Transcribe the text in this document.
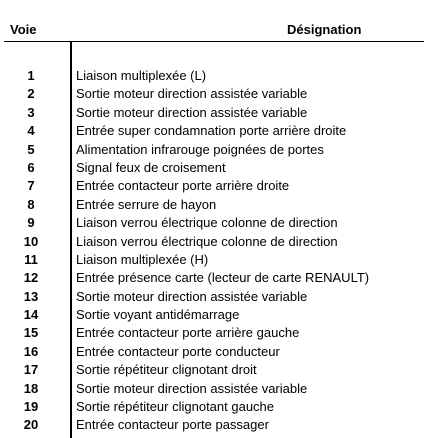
Voie	Désignation
1	Liaison multiplexée (L)
2	Sortie moteur direction assistée variable
3	Sortie moteur direction assistée variable
4	Entrée super condamnation porte arrière droite
5	Alimentation infrarouge poignées de portes
6	Signal feux de croisement
7	Entrée contacteur porte arrière droite
8	Entrée serrure de hayon
9	Liaison verrou électrique colonne de direction
10	Liaison verrou électrique colonne de direction
11	Liaison multiplexée (H)
12	Entrée présence carte (lecteur de carte RENAULT)
13	Sortie moteur direction assistée variable
14	Sortie voyant antidémarrage
15	Entrée contacteur porte arrière gauche
16	Entrée contacteur porte conducteur
17	Sortie répétiteur clignotant droit
18	Sortie moteur direction assistée variable
19	Sortie répétiteur clignotant gauche
20	Entrée contacteur porte passager
